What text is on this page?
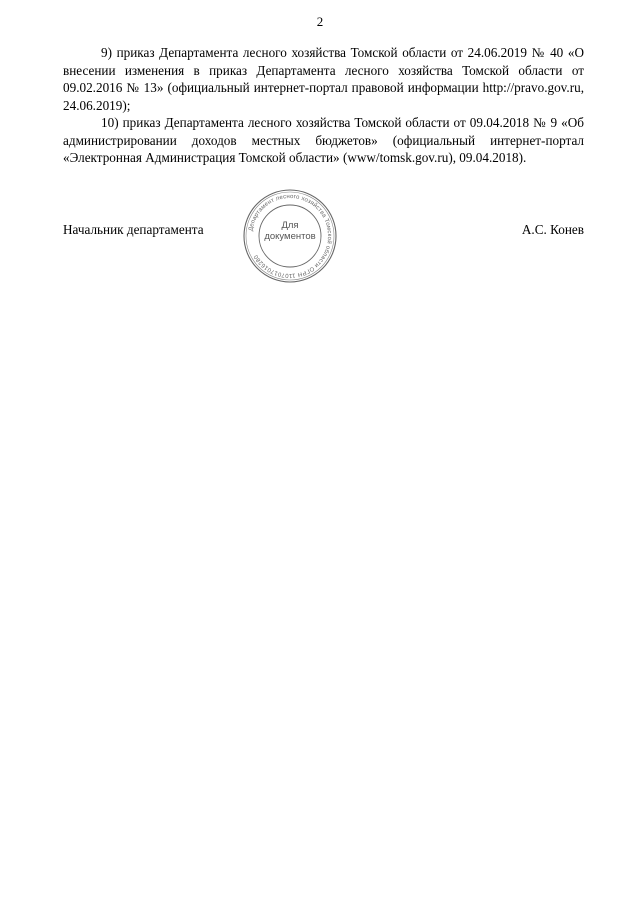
2

9) приказ Департамента лесного хозяйства Томской области от 24.06.2019 № 40 «О внесении изменения в приказ Департамента лесного хозяйства Томской области от 09.02.2016 № 13» (официальный интернет-портал правовой информации http://pravo.gov.ru, 24.06.2019);

10) приказ Департамента лесного хозяйства Томской области от 09.04.2018 № 9 «Об администрировании доходов местных бюджетов» (официальный интернет-портал «Электронная Администрация Томской области» (www/tomsk.gov.ru), 09.04.2018).

Начальник департамента	Департамент лесного хозяйства Томской области ОГРН 1107017016280
Для
документов	А.С. Конев
